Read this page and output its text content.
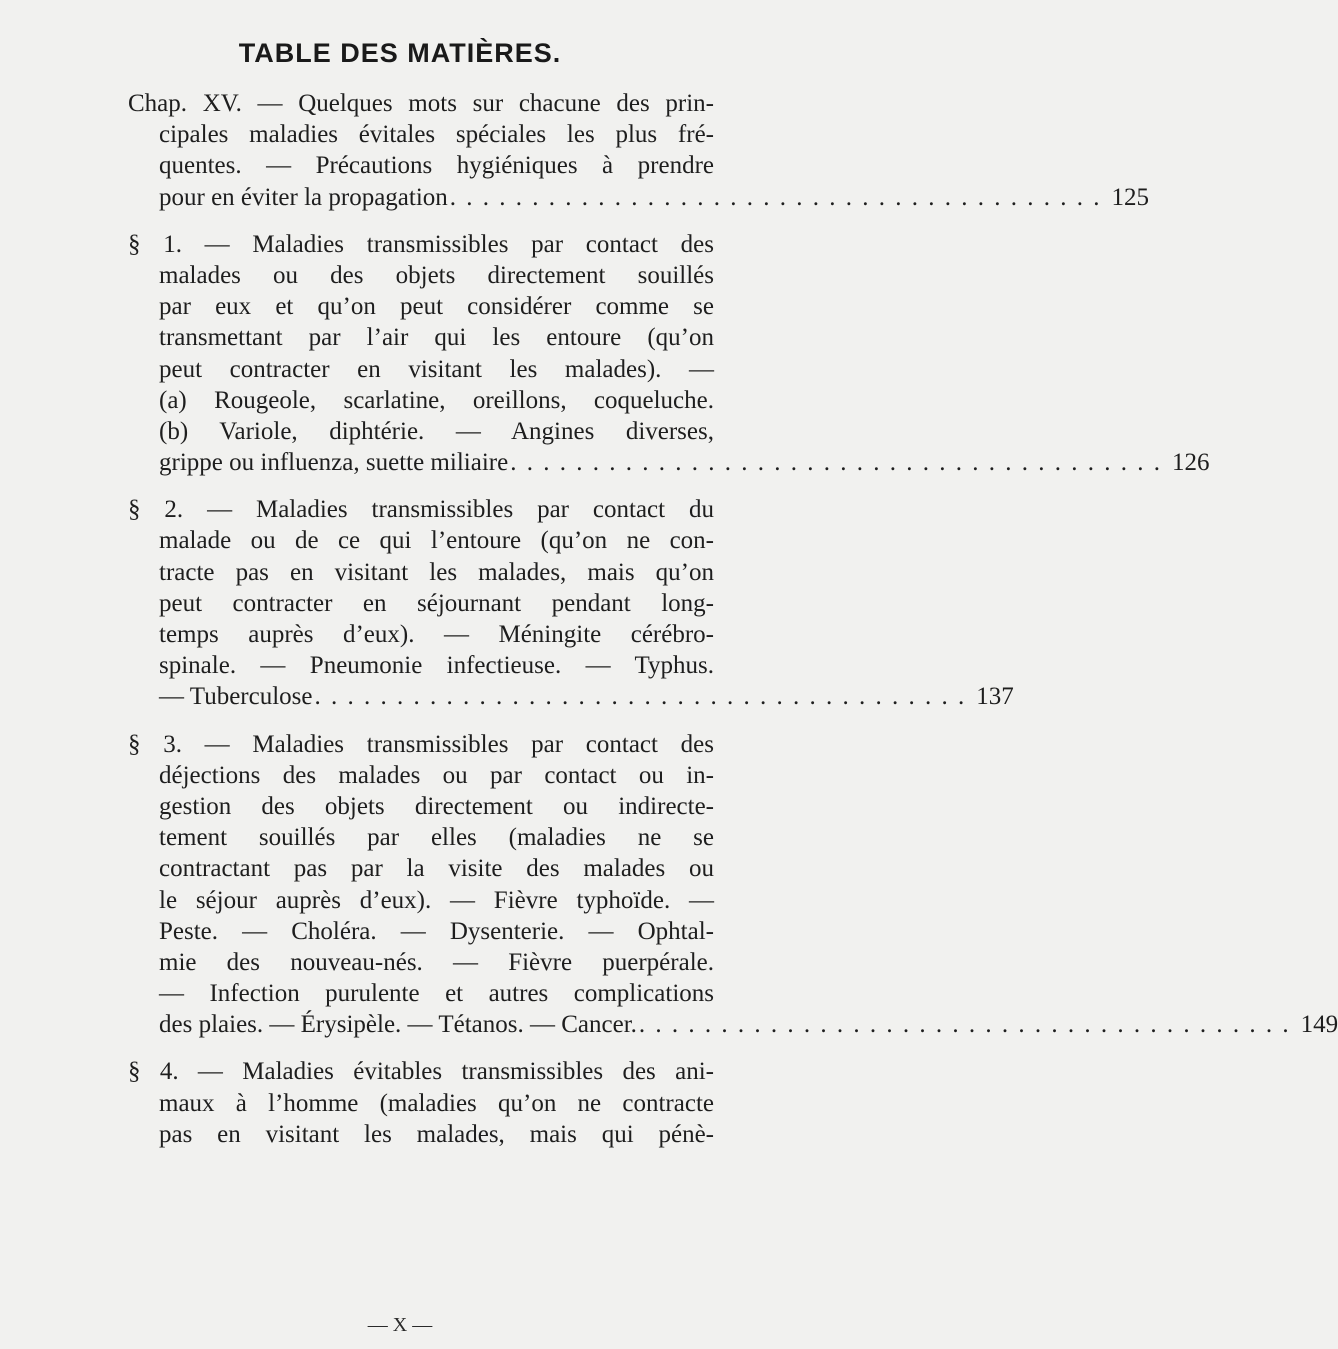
TABLE DES MATIÈRES.
Chap. XV. — Quelques mots sur chacune des prin-
cipales maladies évitales spéciales les plus fré-
quentes. — Précautions hygiéniques à prendre
pour en éviter la propagation . . . . . . . . . . . . . . . . . . . . . . . . . . . . . . . . . . . . . . . . 125
§ 1. — Maladies transmissibles par contact des
malades ou des objets directement souillés
par eux et qu’on peut considérer comme se
transmettant par l’air qui les entoure (qu’on
peut contracter en visitant les malades). —
(a) Rougeole, scarlatine, oreillons, coqueluche.
(b) Variole, diphtérie. — Angines diverses,
grippe ou influenza, suette miliaire . . . . . . . . . . . . . . . . . . . . . . . . . . . . . . . . . . . . . . . . 126
§ 2. — Maladies transmissibles par contact du
malade ou de ce qui l’entoure (qu’on ne con-
tracte pas en visitant les malades, mais qu’on
peut contracter en séjournant pendant long-
temps auprès d’eux). — Méningite cérébro-
spinale. — Pneumonie infectieuse. — Typhus.
— Tuberculose . . . . . . . . . . . . . . . . . . . . . . . . . . . . . . . . . . . . . . . . 137
§ 3. — Maladies transmissibles par contact des
déjections des malades ou par contact ou in-
gestion des objets directement ou indirecte-
tement souillés par elles (maladies ne se
contractant pas par la visite des malades ou
le séjour auprès d’eux). — Fièvre typhoïde. —
Peste. — Choléra. — Dysenterie. — Ophtal-
mie des nouveau-nés. — Fièvre puerpérale.
— Infection purulente et autres complications
des plaies. — Érysipèle. — Tétanos. — Cancer. . . . . . . . . . . . . . . . . . . . . . . . . . . . . . . . . . . . . . . . . 149
§ 4. — Maladies évitables transmissibles des ani-
maux à l’homme (maladies qu’on ne contracte
pas en visitant les malades, mais qui pénè-
— X —
